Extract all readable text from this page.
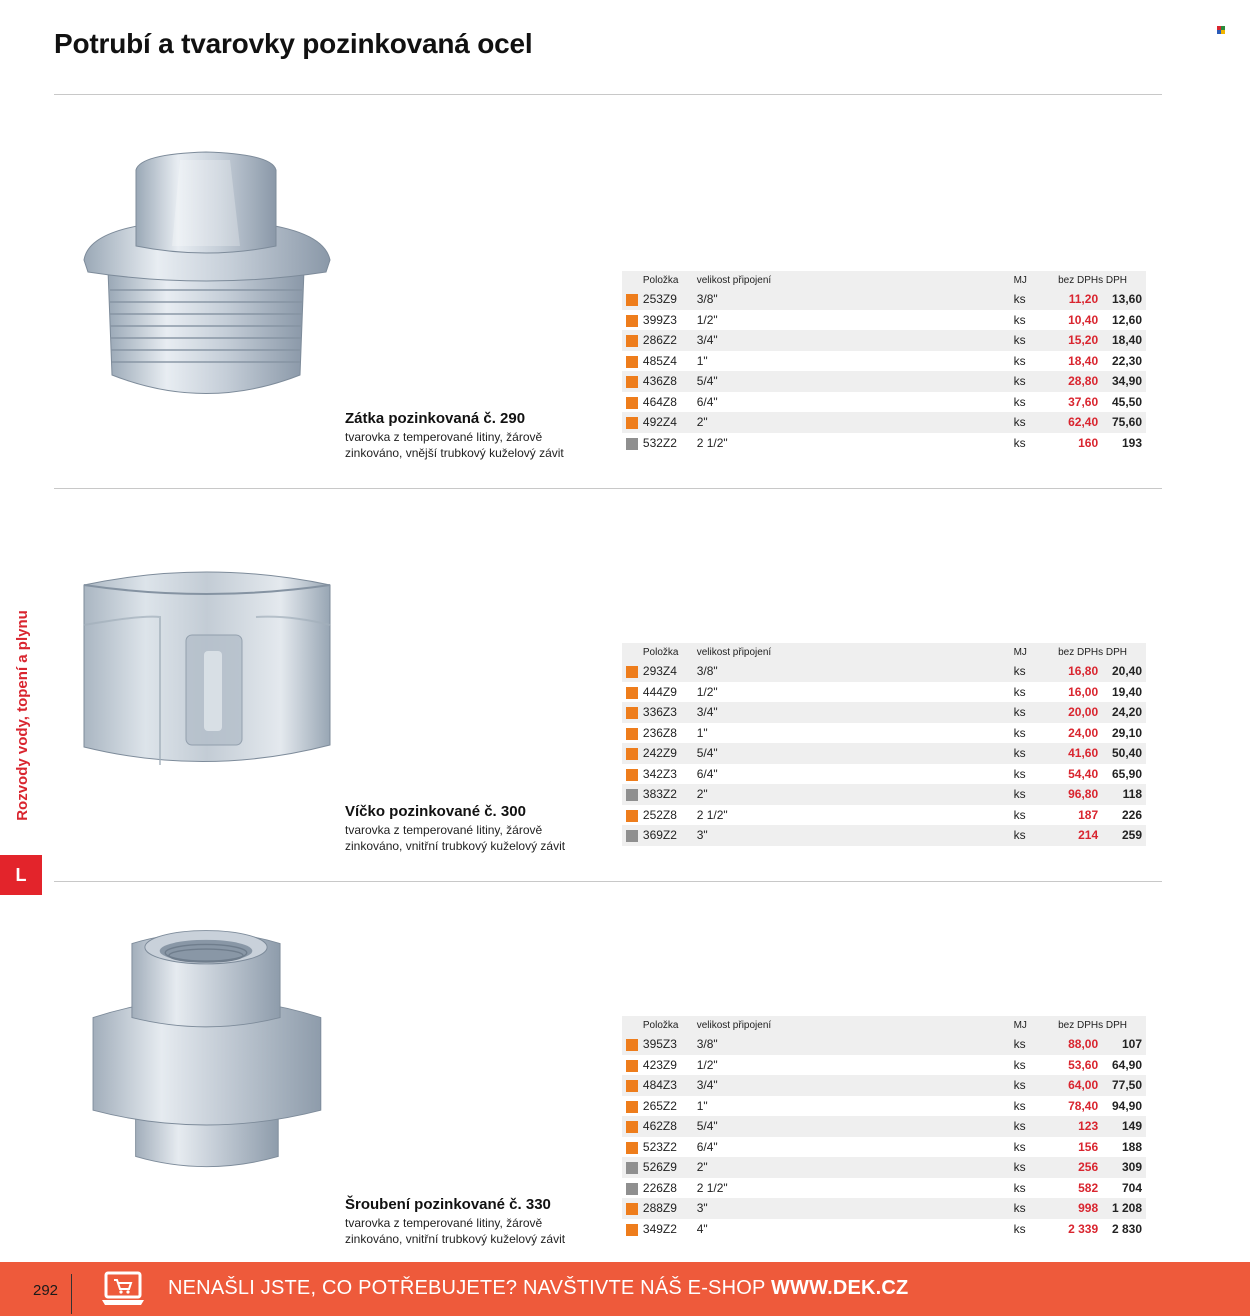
Potrubí a tvarovky pozinkovaná ocel
Rozvody vody, topení a plynu
L
Zátka pozinkovaná č. 290
tvarovka z temperované litiny, žárově zinkováno, vnější trubkový kuželový závit
	Položka	velikost připojení	MJ	bez DPH	s DPH
	253Z9	3/8"	ks	11,20	13,60
	399Z3	1/2"	ks	10,40	12,60
	286Z2	3/4"	ks	15,20	18,40
	485Z4	1"	ks	18,40	22,30
	436Z8	5/4"	ks	28,80	34,90
	464Z8	6/4"	ks	37,60	45,50
	492Z4	2"	ks	62,40	75,60
	532Z2	2 1/2"	ks	160	193
Víčko pozinkované č. 300
tvarovka z temperované litiny, žárově zinkováno, vnitřní trubkový kuželový závit
	Položka	velikost připojení	MJ	bez DPH	s DPH
	293Z4	3/8"	ks	16,80	20,40
	444Z9	1/2"	ks	16,00	19,40
	336Z3	3/4"	ks	20,00	24,20
	236Z8	1"	ks	24,00	29,10
	242Z9	5/4"	ks	41,60	50,40
	342Z3	6/4"	ks	54,40	65,90
	383Z2	2"	ks	96,80	118
	252Z8	2 1/2"	ks	187	226
	369Z2	3"	ks	214	259
Šroubení pozinkované č. 330
tvarovka z temperované litiny, žárově zinkováno, vnitřní trubkový kuželový závit
	Položka	velikost připojení	MJ	bez DPH	s DPH
	395Z3	3/8"	ks	88,00	107
	423Z9	1/2"	ks	53,60	64,90
	484Z3	3/4"	ks	64,00	77,50
	265Z2	1"	ks	78,40	94,90
	462Z8	5/4"	ks	123	149
	523Z2	6/4"	ks	156	188
	526Z9	2"	ks	256	309
	226Z8	2 1/2"	ks	582	704
	288Z9	3"	ks	998	1 208
	349Z2	4"	ks	2 339	2 830
292	NENAŠLI JSTE, CO POTŘEBUJETE? NAVŠTIVTE NÁŠ E-SHOP WWW.DEK.CZ
